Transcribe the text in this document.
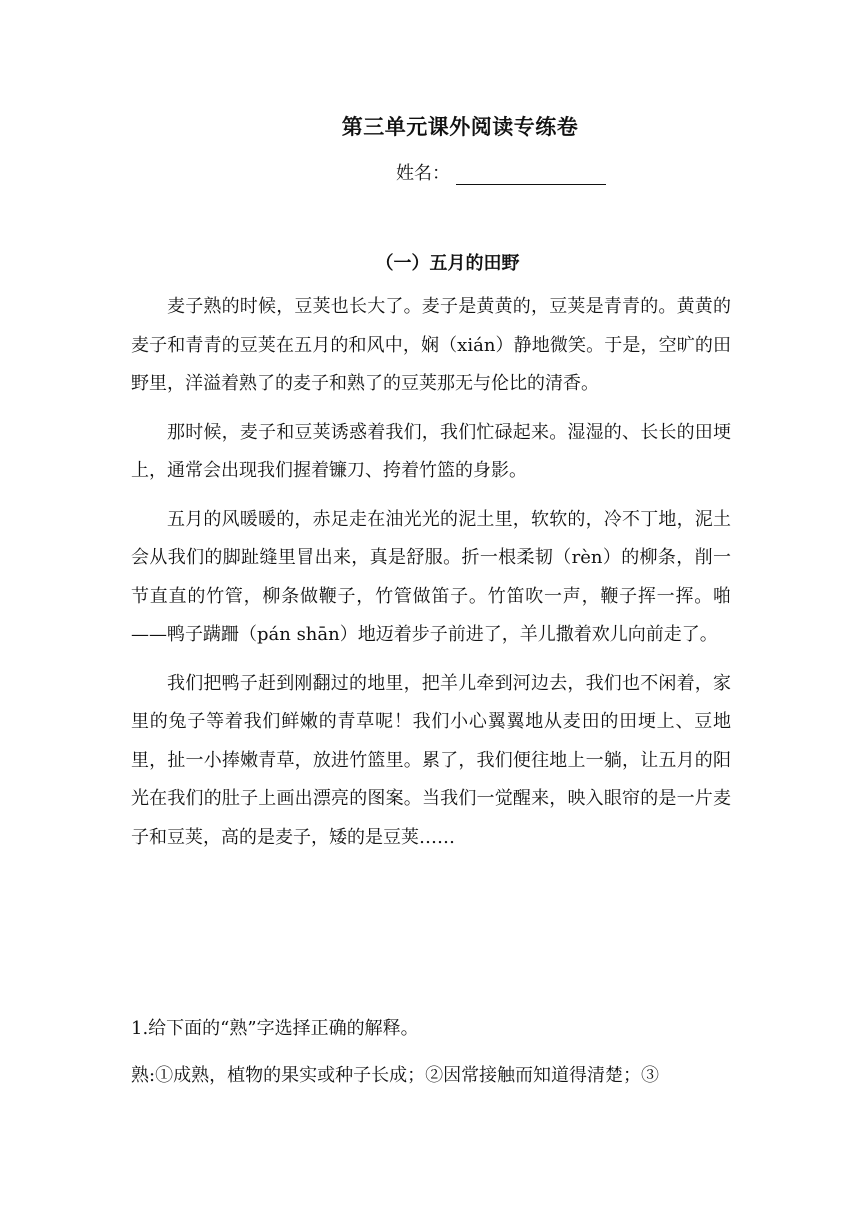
第三单元课外阅读专练卷
姓名：
（一）五月的田野

麦子熟的时候，豆荚也长大了。麦子是黄黄的，豆荚是青青的。黄黄的麦子和青青的豆荚在五月的和风中，娴（xián）静地微笑。于是，空旷的田野里，洋溢着熟了的麦子和熟了的豆荚那无与伦比的清香。

那时候，麦子和豆荚诱惑着我们，我们忙碌起来。湿湿的、长长的田埂上，通常会出现我们握着镰刀、挎着竹篮的身影。

五月的风暖暖的，赤足走在油光光的泥土里，软软的，冷不丁地，泥土会从我们的脚趾缝里冒出来，真是舒服。折一根柔韧（rèn）的柳条，削一节直直的竹管，柳条做鞭子，竹管做笛子。竹笛吹一声，鞭子挥一挥。啪——鸭子蹒跚（pán shān）地迈着步子前进了，羊儿撒着欢儿向前走了。

我们把鸭子赶到刚翻过的地里，把羊儿牵到河边去，我们也不闲着，家里的兔子等着我们鲜嫩的青草呢！我们小心翼翼地从麦田的田埂上、豆地里，扯一小捧嫩青草，放进竹篮里。累了，我们便往地上一躺，让五月的阳光在我们的肚子上画出漂亮的图案。当我们一觉醒来，映入眼帘的是一片麦子和豆荚，高的是麦子，矮的是豆荚……

1.给下面的“熟”字选择正确的解释。
熟:①成熟，植物的果实或种子长成；②因常接触而知道得清楚；③
